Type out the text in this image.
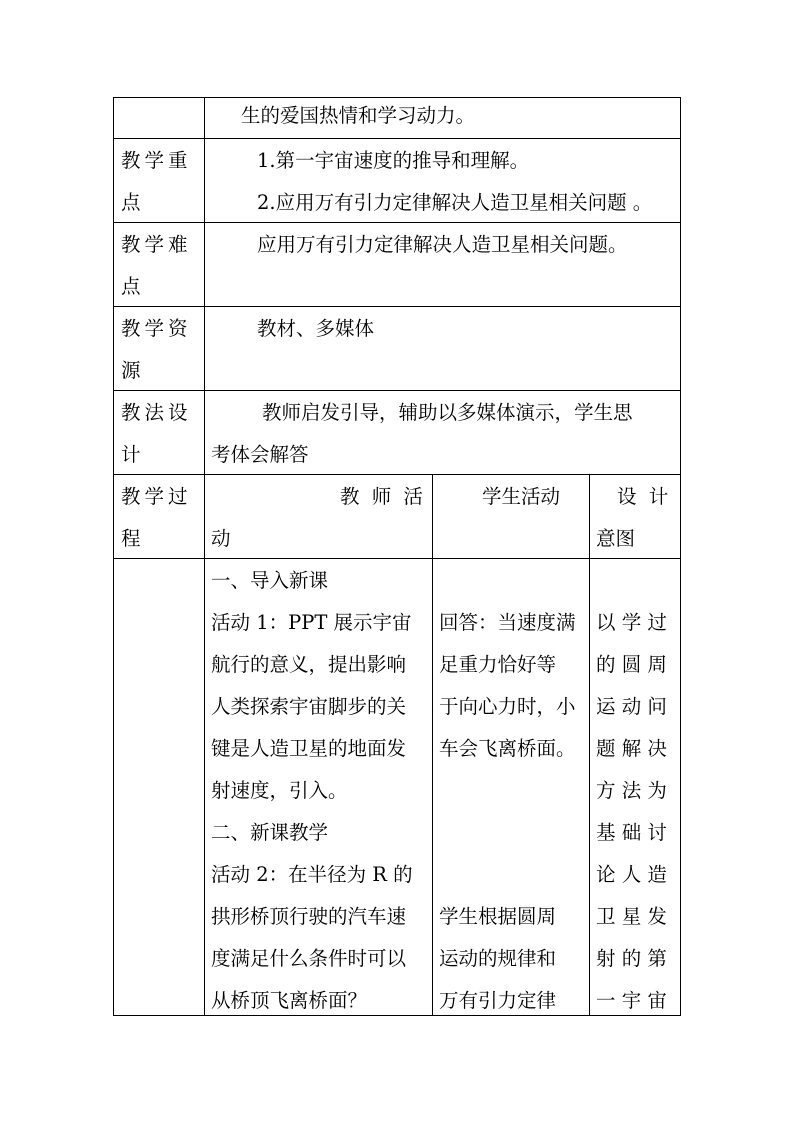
生的爱国热情和学习动力。
教学重
点
1.第一宇宙速度的推导和理解。
2.应用万有引力定律解决人造卫星相关问题 。
教学难
点
应用万有引力定律解决人造卫星相关问题。
教学资
源
教材、多媒体
教法设
计
教师启发引导，辅助以多媒体演示，学生思
考体会解答
教学过
程
教 师 活
动
学生活动	设 计
意图
一、导入新课
活动 1：PPT 展示宇宙
航行的意义，提出影响
人类探索宇宙脚步的关
键是人造卫星的地面发
射速度，引入。
二、新课教学
活动 2：在半径为 R 的
拱形桥顶行驶的汽车速
度满足什么条件时可以
从桥顶飞离桥面？
回答：当速度满
足重力恰好等
于向心力时，小
车会飞离桥面。
学生根据圆周
运动的规律和
万有引力定律
以 学 过
的 圆 周
运 动 问
题 解 决
方 法 为
基 础 讨
论 人 造
卫 星 发
射 的 第
一 宇 宙
